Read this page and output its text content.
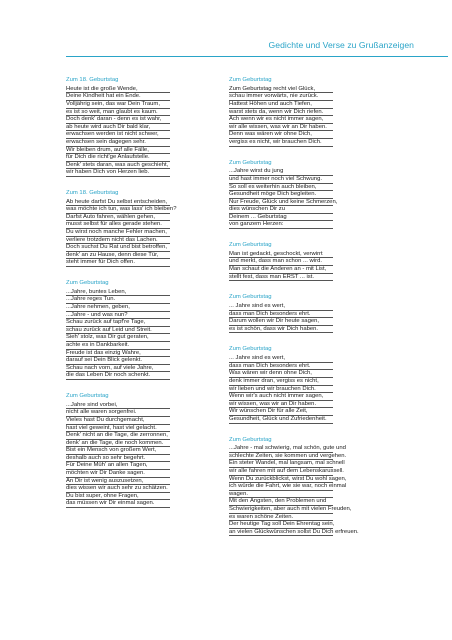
Gedichte und Verse zu Grußanzeigen
Zum 18. Geburtstag
Heute ist die große Wende,
Deine Kindheit hat ein Ende.
Volljährig sein, das war Dein Traum,
es ist so weit, man glaubt es kaum.
Doch denk' daran - denn es ist wahr,
ab heute wird auch Dir bald klar,
erwachsen werden ist nicht schwer,
erwachsen sein dagegen sehr.
Wir bleiben drum, auf alle Fälle,
für Dich die richt'ge Anlaufstelle.
Denk' stets daran, was auch geschieht,
wir haben Dich von Herzen lieb.
Zum 18. Geburtstag
Ab heute darfst Du selbst entscheiden,
was möchte ich tun, was lass' ich bleiben?
Darfst Auto fahren, wählen gehen,
musst selbst für alles gerade stehen.
Du wirst noch manche Fehler machen,
verliere trotzdem nicht das Lachen.
Doch suchst Du Rat und bist betroffen,
denk' an zu Hause, denn diese Tür,
steht immer für Dich offen.
Zum Geburtstag
...Jahre, buntes Leben,
...Jahre reges Tun.
...Jahre nehmen, geben,
...Jahre - und was nun?
Schau zurück auf tapf're Tage,
schau zurück auf Leid und Streit.
Sieh' stolz, was Dir gut geraten,
achte es in Dankbarkeit.
Freude ist das einzig Wahre,
darauf sei Dein Blick gelenkt.
Schau nach vorn, auf viele Jahre,
die das Leben Dir noch schenkt.
Zum Geburtstag
...Jahre sind vorbei,
nicht alle waren sorgenfrei.
Vieles hast Du durchgemacht,
hast viel geweint, hast viel gelacht.
Denk' nicht an die Tage, die zerronnen,
denk' an die Tage, die noch kommen.
Bist ein Mensch von großem Wert,
deshalb auch so sehr begehrt.
Für Deine Müh' an allen Tagen,
möchten wir Dir Danke sagen.
An Dir ist wenig auszusetzen,
dies wissen wir auch sehr zu schätzen.
Du bist super, ohne Fragen,
das müssen wir Dir einmal sagen.
Zum Geburtstag
Zum Geburtstag recht viel Glück,
schau immer vorwärts, nie zurück.
Hattest Höhen und auch Tiefen,
warst stets da, wenn wir Dich riefen.
Ach wenn wir es nicht immer sagen,
wir alle wissen, was wir an Dir haben.
Denn was wären wir ohne Dich,
vergiss es nicht, wir brauchen Dich.
Zum Geburtstag
...Jahre wirst du jung
und hast immer noch viel Schwung.
So soll es weiterhin auch bleiben,
Gesundheit möge Dich begleiten.
Nur Freude, Glück und keine Schmerzen,
dies wünschen Dir zu
Deinem ... Geburtstag
von ganzem Herzen:
Zum Geburtstag
Man ist gedackt, geschockt, verwirrt
und merkt, dass man schon ... wird.
Man schaut die Anderen an - mit List,
stellt fest, dass man ERST ... ist.
Zum Geburtstag
... Jahre sind es wert,
dass man Dich besonders ehrt.
Darum wollen wir Dir heute sagen,
es ist schön, dass wir Dich haben.
Zum Geburtstag
... Jahre sind es wert,
dass man Dich besonders ehrt.
Was wären wir denn ohne Dich,
denk immer dran, vergiss es nicht,
wir lieben und wir brauchen Dich.
Wenn wir's auch nicht immer sagen,
wir wissen, was wir an Dir haben.
Wir wünschen Dir für alle Zeit,
Gesundheit, Glück und Zufriedenheit.
Zum Geburtstag
...Jahre - mal schwierig, mal schön, gute und
schlechte Zeiten, sie kommen und vergehen.
Ein steter Wandel, mal langsam, mal schnell
wir alle fahren mit auf dem Lebenskarussell.
Wenn Du zurückblickst, wirst Du wohl sagen,
ich würde die Fahrt, wie sie war, noch einmal
wagen.
Mit den Ängsten, den Problemen und
Schwierigkeiten, aber auch mit vielen Freuden,
es waren schöne Zeiten.
Der heutige Tag soll Dein Ehrentag sein,
an vielen Glückwünschen sollst Du Dich erfreuen.
